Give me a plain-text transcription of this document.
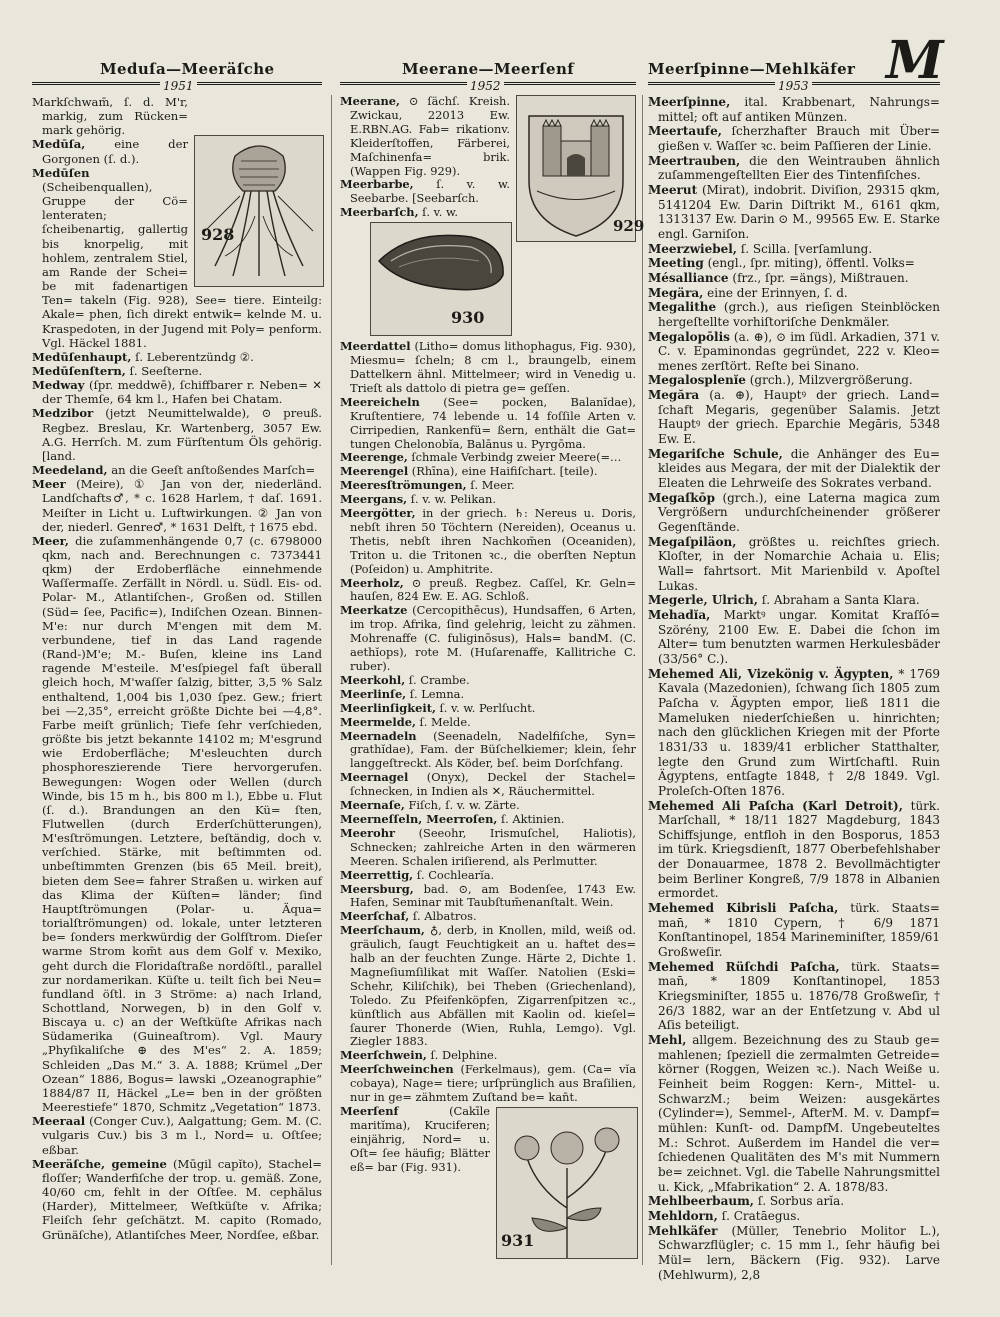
Meduſa—Meeräſche	Meerane—Meerſenf	Meerſpinne—Mehlkäfer M
1951	1952	1953
928

Markſchwam̄, ſ. d. M'r, markig, zum Rücken= mark gehörig.

Medūſa, eine der Gorgonen (ſ. d.).

Medūſen (Scheibenquallen), Gruppe der Cö= lenteraten; ſcheibenartig, gallertig bis knorpelig, mit hohlem, zentralem Stiel, am Rande der Schei= be mit fadenartigen Ten= takeln (Fig. 928), See= tiere. Einteilg: Akale= phen, ſich direkt entwik= kelnde M. u. Kraspedoten, in der Jugend mit Poly= penform. Vgl. Häckel 1881.

Medūſenhaupt, ſ. Leberentzündg ②.

Medūſenſtern, ſ. Seeſterne.

Medway (ſpr. meddwē), ſchiffbarer r. Neben= ✕ der Themſe, 64 km l., Hafen bei Chatam.

Medzibor (jetzt Neumittelwalde), ⊙ preuß. Regbez. Breslau, Kr. Wartenberg, 3057 Ew. A.G. Herrſch. M. zum Fürſtentum Öls gehörig. [land.

Meedeland, an die Geeſt anſtoßendes Marſch=

Meer (Meire), ① Jan von der, niederländ. Landſchafts♂, * c. 1628 Harlem, † daſ. 1691. Meiſter in Licht u. Luftwirkungen. ② Jan von der, niederl. Genre♂, * 1631 Delft, † 1675 ebd.

Meer, die zuſammenhängende 0,7 (c. 6798000 qkm, nach and. Berechnungen c. 7373441 qkm) der Erdoberfläche einnehmende Waſſermaſſe. Zerfällt in Nördl. u. Südl. Eis- od. Polar- M., Atlantiſchen-, Großen od. Stillen (Süd= ſee, Pacific=), Indiſchen Ozean. Binnen-M'e: nur durch M'engen mit dem M. verbundene, tief in das Land ragende (Rand-)M'e; M.- Buſen, kleine ins Land ragende M'esteile. M'esſpiegel faſt überall gleich hoch, M'waſſer ſalzig, bitter, 3,5 % Salz enthaltend, 1,004 bis 1,030 ſpez. Gew.; friert bei —2,35°, erreicht größte Dichte bei —4,8°. Farbe meiſt grünlich; Tiefe ſehr verſchieden, größte bis jetzt bekannte 14102 m; M'esgrund wie Erdoberfläche; M'esleuchten durch phosphoreszierende Tiere hervorgerufen. Bewegungen: Wogen oder Wellen (durch Winde, bis 15 m h., bis 800 m l.), Ebbe u. Flut (ſ. d.). Brandungen an den Kü= ſten, Flutwellen (durch Erderſchütterungen), M'esſtrömungen. Letztere, beſtändig, doch v. verſchied. Stärke, mit beſtimmten od. unbeſtimmten Grenzen (bis 65 Meil. breit), bieten dem See= fahrer Straßen u. wirken auf das Klima der Küſten= länder; ſind Hauptſtrömungen (Polar- u. Äqua= torialſtrömungen) od. lokale, unter letzteren be= ſonders merkwürdig der Golfſtrom. Dieſer warme Strom kom̄t aus dem Golf v. Mexiko, geht durch die Floridaſtraße nordöſtl., parallel zur nordamerikan. Küſte u. teilt ſich bei Neu= fundland öſtl. in 3 Ströme: a) nach Irland, Schottland, Norwegen, b) in den Golf v. Biscaya u. c) an der Weſtküſte Afrikas nach Südamerika (Guineaſtrom). Vgl. Maury „Phyſikaliſche ⊕ des M'es“ 2. A. 1859; Schleiden „Das M.“ 3. A. 1888; Krümel „Der Ozean“ 1886, Bogus= lawski „Ozeanographie“ 1884/87 II, Häckel „Le= ben in der größten Meerestiefe“ 1870, Schmitz „Vegetation“ 1873.

Meeraal (Conger Cuv.), Aalgattung; Gem. M. (C. vulgaris Cuv.) bis 3 m l., Nord= u. Oſtſee; eßbar.

Meeräſche, gemeine (Mūgil capĭto), Stachel= floſſer; Wanderfiſche der trop. u. gemäß. Zone, 40/60 cm, fehlt in der Oſtſee. M. cephălus (Harder), Mittelmeer, Weſtküſte v. Afrika; Fleiſch ſehr geſchätzt. M. capito (Romado, Grünäſche), Atlantiſches Meer, Nordſee, eßbar.

929

Meerane, ⊙ ſächſ. Kreish. Zwickau, 22013 Ew. E.RBN.AG. Fab= rikationv. Kleiderſtoffen, Färberei, Maſchinenfa= brik. (Wappen Fig. 929).

Meerbarbe, ſ. v. w. Seebarbe. [Seebarſch.

Meerbarſch, ſ. v. w.

930

Meerdattel (Litho= domus lithophagus, Fig. 930), Miesmu= ſcheln; 8 cm l., braungelb, einem Dattelkern ähnl. Mittelmeer; wird in Venedig u. Trieſt als dattolo di pietra ge= geſſen.

Meereicheln (See= pocken, Balanĭdae), Kruſtentiere, 74 lebende u. 14 foſſile Arten v. Cirripedien, Rankenfü= ßern, enthält die Gat= tungen Chelonobĭa, Balānus u. Pyrgōma.

Meerenge, ſchmale Verbindg zweier Meere(=…

Meerengel (Rhīna), eine Haifiſchart. [teile).

Meeresſtrömungen, ſ. Meer.

Meergans, ſ. v. w. Pelikan.

Meergötter, in der griech. ♄: Nereus u. Doris, nebſt ihren 50 Töchtern (Nerei̇den), Oceanus u. Thetis, nebſt ihren Nachkom̄en (Oceaniden), Triton u. die Tritonen ꝛc., die oberſten Neptun (Poſeidon) u. Amphitrite.

Meerholz, ⊙ preuß. Regbez. Caſſel, Kr. Geln= hauſen, 824 Ew. E. AG. Schloß.

Meerkatze (Cercopithēcus), Hundsaffen, 6 Arten, im trop. Afrika, ſind gelehrig, leicht zu zähmen. Mohrenaffe (C. fuliginōsus), Hals= bandM. (C. aethĭops), rote M. (Huſarenaffe, Kallitriche C. ruber).

Meerkohl, ſ. Crambe.

Meerlinſe, ſ. Lemna.

Meerlinſigkeit, ſ. v. w. Perlſucht.

Meermelde, ſ. Melde.

Meernadeln (Seenadeln, Nadelfiſche, Syn= grathĭdae), Fam. der Büſchelkiemer; klein, ſehr langgeſtreckt. Als Köder, beſ. beim Dorſchfang.

Meernagel (Onyx), Deckel der Stachel= ſchnecken, in Indien als ✕, Räuchermittel.

Meernaſe, Fiſch, ſ. v. w. Zärte.

Meerneſſeln, Meerroſen, ſ. Aktinien.

Meerohr (Seeohr, Irismuſchel, Haliotis), Schnecken; zahlreiche Arten in den wärmeren Meeren. Schalen iriſierend, als Perlmutter.

Meerrettig, ſ. Cochlearĭa.

Meersburg, bad. ⊙, am Bodenſee, 1743 Ew. Hafen, Seminar mit Taubſtum̄enanſtalt. Wein.

Meerſchaf, ſ. Albatros.

Meerſchaum, ♁, derb, in Knollen, mild, weiß od. gräulich, ſaugt Feuchtigkeit an u. haftet des= halb an der feuchten Zunge. Härte 2, Dichte 1. Magneſiumſilikat mit Waſſer. Natolien (Eski= Schehr, Kiliſchik), bei Theben (Griechenland), Toledo. Zu Pfeifenköpfen, Zigarrenſpitzen ꝛc., künſtlich aus Abfällen mit Kaolin od. kieſel= ſaurer Thonerde (Wien, Ruhla, Lemgo). Vgl. Ziegler 1883.

Meerſchwein, ſ. Delphine.

Meerſchweinchen (Ferkelmaus), gem. (Ca= vĭa cobaya), Nage= tiere; urſprünglich aus Braſilien, nur in ge= zähmtem Zuſtand be= kan̄t.

931

Meerſenf (Cakīle maritĭma), Kruciferen; einjährig, Nord= u. Oſt= ſee häufig; Blätter eß= bar (Fig. 931).

Meerſpinne, ital. Krabbenart, Nahrungs= mittel; oft auf antiken Münzen.

Meertaufe, ſcherzhafter Brauch mit Über= gießen v. Waſſer ꝛc. beim Paſſieren der Linie.

Meertrauben, die den Weintrauben ähnlich zuſammengeſtellten Eier des Tintenfiſches.

Meerut (Mirat), indobrit. Diviſion, 29315 qkm, 5141204 Ew. Darin Diſtrikt M., 6161 qkm, 1313137 Ew. Darin ⊙ M., 99565 Ew. E. Starke engl. Garniſon.

Meerzwiebel, ſ. Scilla. [verſamlung.

Meeting (engl., ſpr. miting), öffentl. Volks=

Mésalliance (frz., ſpr. =ängs), Mißtrauen.

Megära, eine der Erinnyen, ſ. d.

Megalithe (grch.), aus rieſigen Steinblöcken hergeſtellte vorhiſtoriſche Denkmäler.

Megalopōlis (a. ⊕), ⊙ im ſüdl. Arkadien, 371 v. C. v. Epaminondas gegründet, 222 v. Kleo= menes zerſtört. Reſte bei Sinano.

Megalosplenĭe (grch.), Milzvergrößerung.

Megăra (a. ⊕), Hauptꝰ der griech. Land= ſchaft Megaris, gegenüber Salamis. Jetzt Hauptꝰ der griech. Eparchie Megāris, 5348 Ew. E.

Megariſche Schule, die Anhänger des Eu= kleides aus Megara, der mit der Dialektik der Eleaten die Lehrweiſe des Sokrates verband.

Megaſkōp (grch.), eine Laterna magica zum Vergrößern undurchſcheinender größerer Gegenſtände.

Megaſpiläon, größtes u. reichſtes griech. Kloſter, in der Nomarchie Achaia u. Elis; Wall= fahrtsort. Mit Marienbild v. Apoſtel Lukas.

Megerle, Ulrich, ſ. Abraham a Santa Klara.

Mehadĭa, Marktꝰ ungar. Komitat Kraſſó= Szörény, 2100 Ew. E. Dabei die ſchon im Alter= tum benutzten warmen Herkulesbäder (33/56° C.).

Mehemed Ali, Vizekönig v. Ägypten, * 1769 Kavala (Mazedonien), ſchwang ſich 1805 zum Paſcha v. Ägypten empor, ließ 1811 die Mameluken niederſchießen u. hinrichten; nach den glücklichen Kriegen mit der Pforte 1831/33 u. 1839/41 erblicher Statthalter, legte den Grund zum Wirtſchaftl. Ruin Ägyptens, entſagte 1848, † 2/8 1849. Vgl. Proleſch-Oſten 1876.

Mehemed Ali Paſcha (Karl Detroit), türk. Marſchall, * 18/11 1827 Magdeburg, 1843 Schiffsjunge, entfloh in den Bosporus, 1853 im türk. Kriegsdienſt, 1877 Oberbefehlshaber der Donauarmee, 1878 2. Bevollmächtigter beim Berliner Kongreß, 7/9 1878 in Albanien ermordet.

Mehemed Kibrisli Paſcha, türk. Staats= man̄, * 1810 Cypern, † 6/9 1871 Konſtantinopel, 1854 Marineminiſter, 1859/61 Großweſir.

Mehemed Rüſchdi Paſcha, türk. Staats= man̄, * 1809 Konſtantinopel, 1853 Kriegsminiſter, 1855 u. 1876/78 Großweſir, † 26/3 1882, war an der Entſetzung v. Abd ul Aſis beteiligt.

Mehl, allgem. Bezeichnung des zu Staub ge= mahlenen; ſpeziell die zermalmten Getreide= körner (Roggen, Weizen ꝛc.). Nach Weiße u. Feinheit beim Roggen: Kern-, Mittel- u. SchwarzM.; beim Weizen: ausgekärtes (Cylinder=), Semmel-, AfterM. M. v. Dampf= mühlen: Kunſt- od. DampfM. Ungebeuteltes M.: Schrot. Außerdem im Handel die ver= ſchiedenen Qualitäten des M's mit Nummern be= zeichnet. Vgl. die Tabelle Nahrungsmittel u. Kick, „Mfabrikation“ 2. A. 1878/83.

Mehlbeerbaum, ſ. Sorbus arĭa.

Mehldorn, ſ. Cratāegus.

Mehlkäfer (Müller, Tenebrio Molitor L.), Schwarzflügler; c. 15 mm l., ſehr häufig bei Mül= lern, Bäckern (Fig. 932). Larve (Mehlwurm), 2,8
